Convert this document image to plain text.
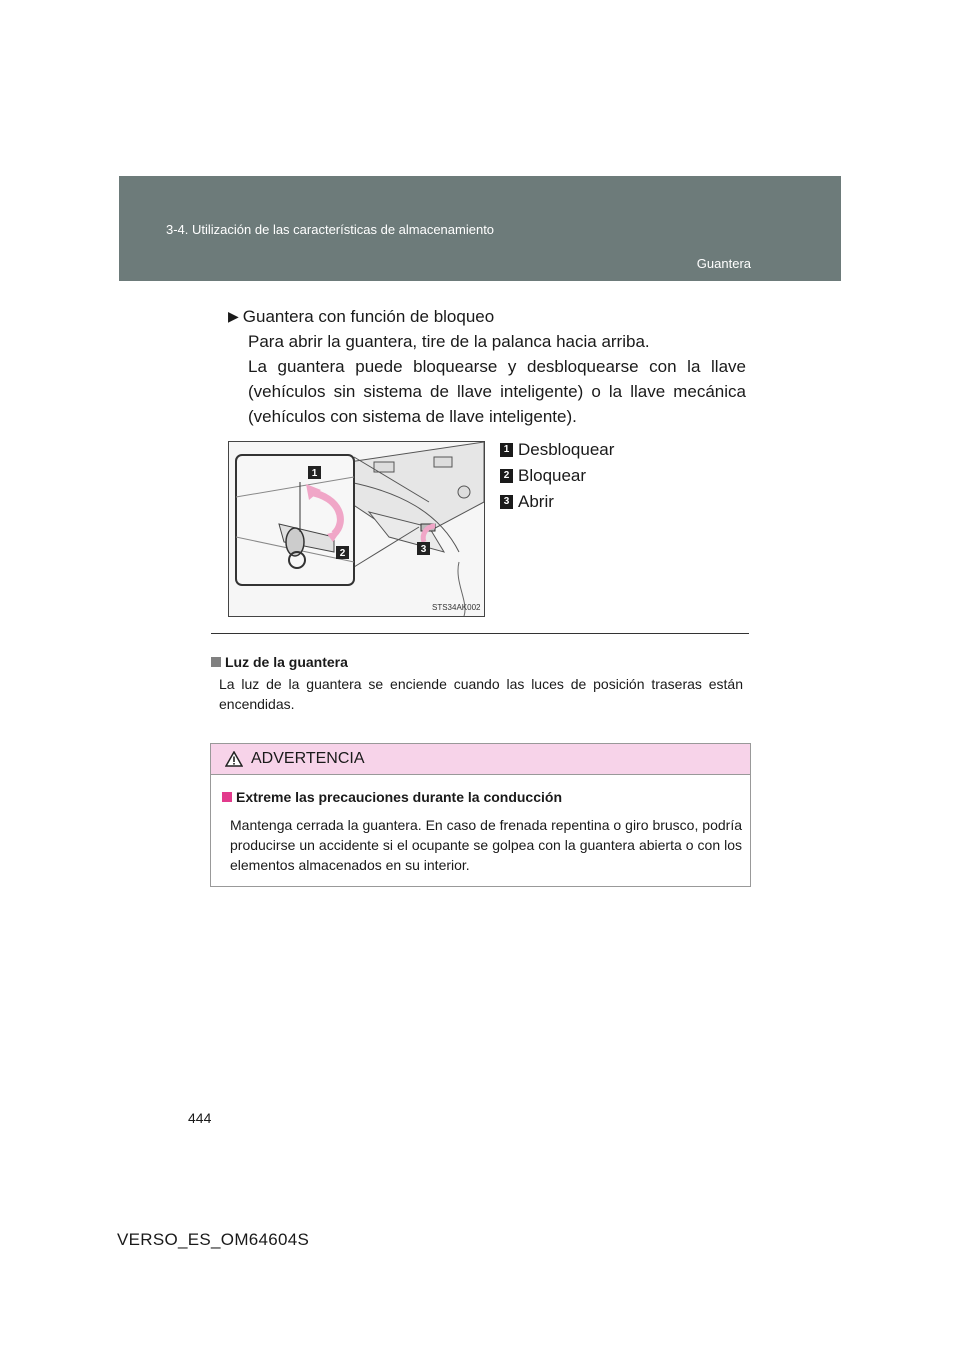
3-4. Utilización de las características de almacenamiento
Guantera
▶ Guantera con función de bloqueo

Para abrir la guantera, tire de la palanca hacia arriba.

La guantera puede bloquearse y desbloquearse con la llave (vehículos sin sistema de llave inteligente) o la llave mecánica (vehículos con sistema de llave inteligente).

1
2	3
STS34AK002
1 Desbloquear
2 Bloquear
3 Abrir
Luz de la guantera

La luz de la guantera se enciende cuando las luces de posición traseras están encendidas.

ADVERTENCIA
Extreme las precauciones durante la conducción

Mantenga cerrada la guantera. En caso de frenada repentina o giro brusco, podría producirse un accidente si el ocupante se golpea con la guantera abierta o con los elementos almacenados en su interior.

444
VERSO_ES_OM64604S
